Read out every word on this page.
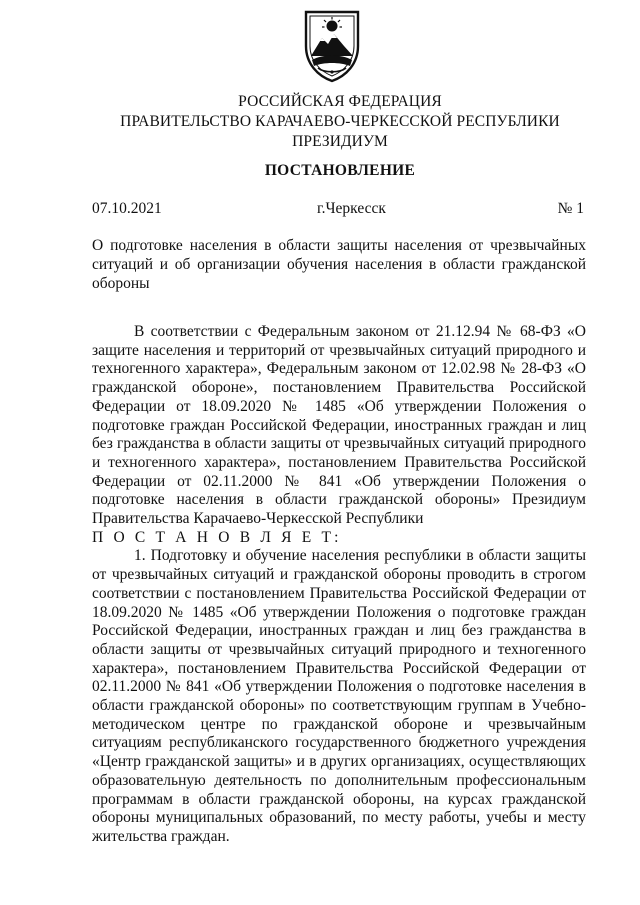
РОССИЙСКАЯ ФЕДЕРАЦИЯ
ПРАВИТЕЛЬСТВО КАРАЧАЕВО-ЧЕРКЕССКОЙ РЕСПУБЛИКИ
ПРЕЗИДИУМ
ПОСТАНОВЛЕНИЕ
07.10.2021	г.Черкесск	№ 1
О подготовке населения в области защиты населения от чрезвычайных ситуаций и об организации обучения населения в области гражданской обороны

В соответствии с Федеральным законом от 21.12.94 № 68-ФЗ «О защите населения и территорий от чрезвычайных ситуаций природного и техногенного характера», Федеральным законом от 12.02.98 № 28-ФЗ «О гражданской обороне», постановлением Правительства Российской Федерации от 18.09.2020 № 1485 «Об утверждении Положения о подготовке граждан Российской Федерации, иностранных граждан и лиц без гражданства в области защиты от чрезвычайных ситуаций природного и техногенного характера», постановлением Правительства Российской Федерации от 02.11.2000 № 841 «Об утверждении Положения о подготовке населения в области гражданской обороны» Президиум Правительства Карачаево-Черкесской Республики

П О С Т А Н О В Л Я Е Т:

1. Подготовку и обучение населения республики в области защиты от чрезвычайных ситуаций и гражданской обороны проводить в строгом соответствии с постановлением Правительства Российской Федерации от 18.09.2020 № 1485 «Об утверждении Положения о подготовке граждан Российской Федерации, иностранных граждан и лиц без гражданства в области защиты от чрезвычайных ситуаций природного и техногенного характера», постановлением Правительства Российской Федерации от 02.11.2000 № 841 «Об утверждении Положения о подготовке населения в области гражданской обороны» по соответствующим группам в Учебно-методическом центре по гражданской обороне и чрезвычайным ситуациям республиканского государственного бюджетного учреждения «Центр гражданской защиты» и в других организациях, осуществляющих образовательную деятельность по дополнительным профессиональным программам в области гражданской обороны, на курсах гражданской обороны муниципальных образований, по месту работы, учебы и месту жительства граждан.
